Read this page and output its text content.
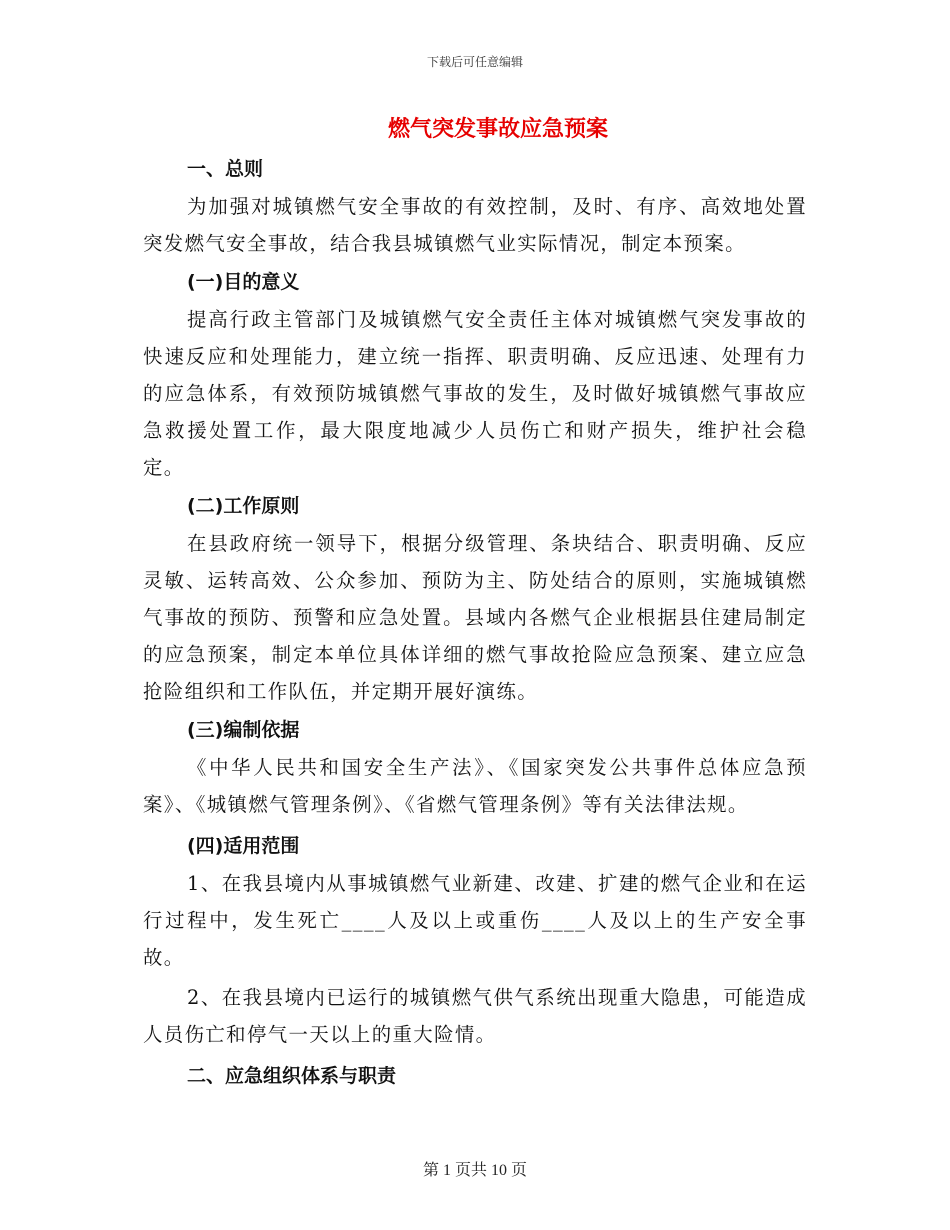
下载后可任意编辑
燃气突发事故应急预案
一、总则

为加强对城镇燃气安全事故的有效控制，及时、有序、高效地处置突发燃气安全事故，结合我县城镇燃气业实际情况，制定本预案。

(一)目的意义

提高行政主管部门及城镇燃气安全责任主体对城镇燃气突发事故的快速反应和处理能力，建立统一指挥、职责明确、反应迅速、处理有力的应急体系，有效预防城镇燃气事故的发生，及时做好城镇燃气事故应急救援处置工作，最大限度地减少人员伤亡和财产损失，维护社会稳定。

(二)工作原则

在县政府统一领导下，根据分级管理、条块结合、职责明确、反应灵敏、运转高效、公众参加、预防为主、防处结合的原则，实施城镇燃气事故的预防、预警和应急处置。县域内各燃气企业根据县住建局制定的应急预案，制定本单位具体详细的燃气事故抢险应急预案、建立应急抢险组织和工作队伍，并定期开展好演练。

(三)编制依据

《中华人民共和国安全生产法》、《国家突发公共事件总体应急预案》、《城镇燃气管理条例》、《省燃气管理条例》等有关法律法规。

(四)适用范围

1、在我县境内从事城镇燃气业新建、改建、扩建的燃气企业和在运行过程中，发生死亡____人及以上或重伤____人及以上的生产安全事故。

2、在我县境内已运行的城镇燃气供气系统出现重大隐患，可能造成人员伤亡和停气一天以上的重大险情。

二、应急组织体系与职责
第 1 页共 10 页
